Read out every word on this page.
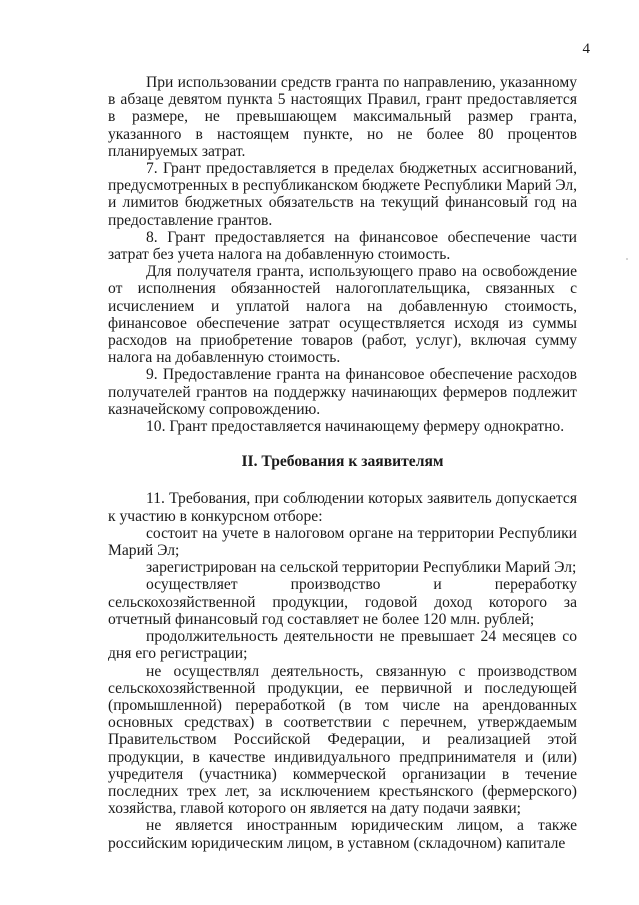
4

При использовании средств гранта по направлению, указанному в абзаце девятом пункта 5 настоящих Правил, грант предоставляется в размере, не превышающем максимальный размер гранта, указанного в настоящем пункте, но не более 80 процентов планируемых затрат.

7. Грант предоставляется в пределах бюджетных ассигнований, предусмотренных в республиканском бюджете Республики Марий Эл, и лимитов бюджетных обязательств на текущий финансовый год на предоставление грантов.

8. Грант предоставляется на финансовое обеспечение части затрат без учета налога на добавленную стоимость.

Для получателя гранта, использующего право на освобождение от исполнения обязанностей налогоплательщика, связанных с исчислением и уплатой налога на добавленную стоимость, финансовое обеспечение затрат осуществляется исходя из суммы расходов на приобретение товаров (работ, услуг), включая сумму налога на добавленную стоимость.

9. Предоставление гранта на финансовое обеспечение расходов получателей грантов на поддержку начинающих фермеров подлежит казначейскому сопровождению.

10. Грант предоставляется начинающему фермеру однократно.

II. Требования к заявителям

11. Требования, при соблюдении которых заявитель допускается к участию в конкурсном отборе:

состоит на учете в налоговом органе на территории Республики Марий Эл;

зарегистрирован на сельской территории Республики Марий Эл;

осуществляет производство и переработку сельскохозяйственной продукции, годовой доход которого за отчетный финансовый год составляет не более 120 млн. рублей;

продолжительность деятельности не превышает 24 месяцев со дня его регистрации;

не осуществлял деятельность, связанную с производством сельскохозяйственной продукции, ее первичной и последующей (промышленной) переработкой (в том числе на арендованных основных средствах) в соответствии с перечнем, утверждаемым Правительством Российской Федерации, и реализацией этой продукции, в качестве индивидуального предпринимателя и (или) учредителя (участника) коммерческой организации в течение последних трех лет, за исключением крестьянского (фермерского) хозяйства, главой которого он является на дату подачи заявки;

не является иностранным юридическим лицом, а также российским юридическим лицом, в уставном (складочном) капитале
